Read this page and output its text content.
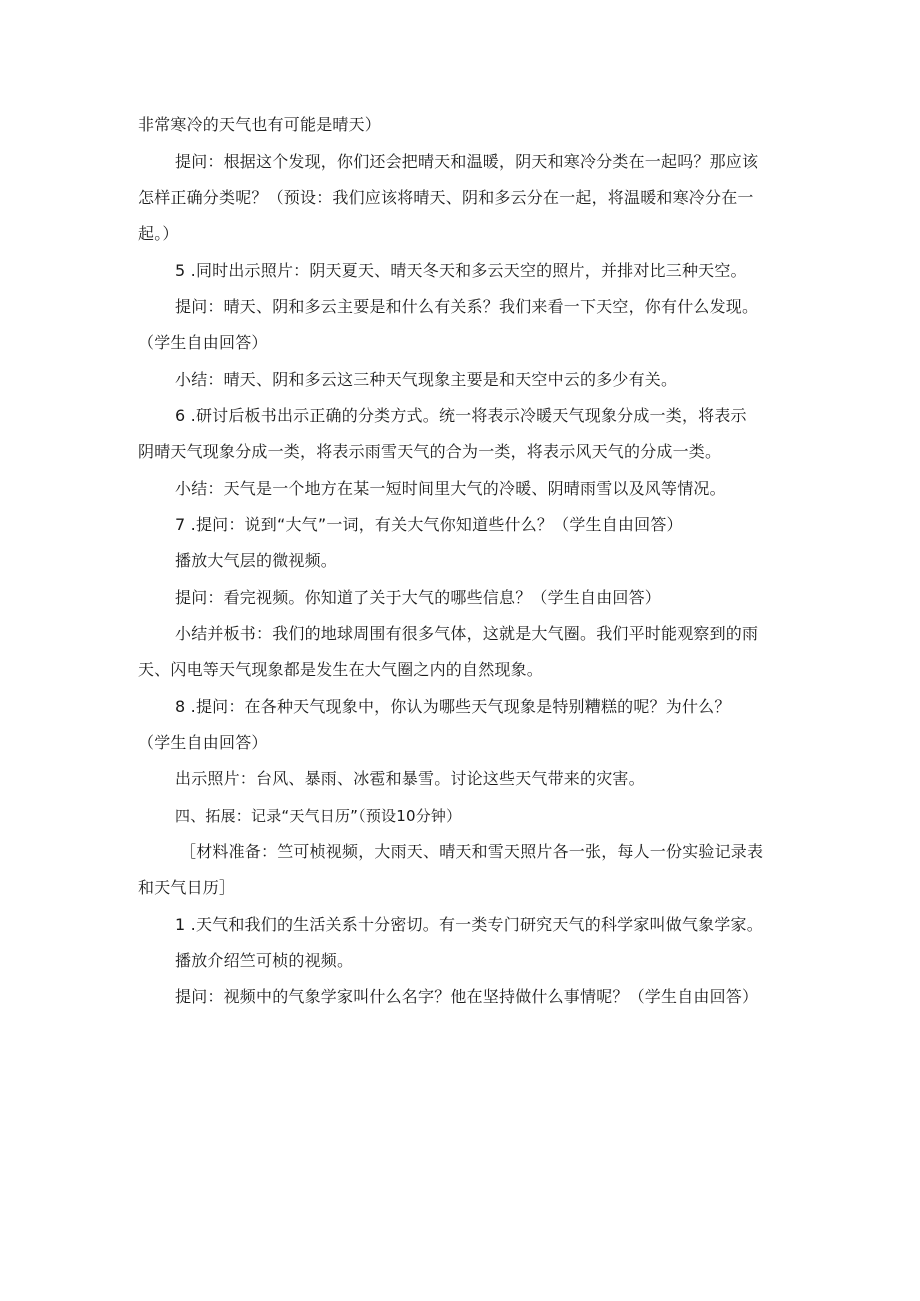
非常寒冷的天气也有可能是晴天）
提问：根据这个发现，你们还会把晴天和温暖，阴天和寒冷分类在一起吗？那应该
怎样正确分类呢？（预设：我们应该将晴天、阴和多云分在一起，将温暖和寒冷分在一
起。）
5 .同时出示照片：阴天夏天、晴天冬天和多云天空的照片，并排对比三种天空。
提问：晴天、阴和多云主要是和什么有关系？我们来看一下天空，你有什么发现。
（学生自由回答）
小结：晴天、阴和多云这三种天气现象主要是和天空中云的多少有关。
6 .研讨后板书出示正确的分类方式。统一将表示冷暖天气现象分成一类，将表示
阴晴天气现象分成一类，将表示雨雪天气的合为一类，将表示风天气的分成一类。
小结：天气是一个地方在某一短时间里大气的冷暖、阴晴雨雪以及风等情况。
7 .提问：说到“大气”一词，有关大气你知道些什么？（学生自由回答）
播放大气层的微视频。
提问：看完视频。你知道了关于大气的哪些信息？（学生自由回答）
小结并板书：我们的地球周围有很多气体，这就是大气圈。我们平时能观察到的雨
天、闪电等天气现象都是发生在大气圈之内的自然现象。
8 .提问：在各种天气现象中，你认为哪些天气现象是特别糟糕的呢？为什么？
（学生自由回答）
出示照片：台风、暴雨、冰雹和暴雪。讨论这些天气带来的灾害。
四、拓展：记录“天气日历”（预设10分钟）
［材料准备：竺可桢视频，大雨天、晴天和雪天照片各一张，每人一份实验记录表
和天气日历］
1 .天气和我们的生活关系十分密切。有一类专门研究天气的科学家叫做气象学家。
播放介绍竺可桢的视频。
提问：视频中的气象学家叫什么名字？他在坚持做什么事情呢？（学生自由回答）
